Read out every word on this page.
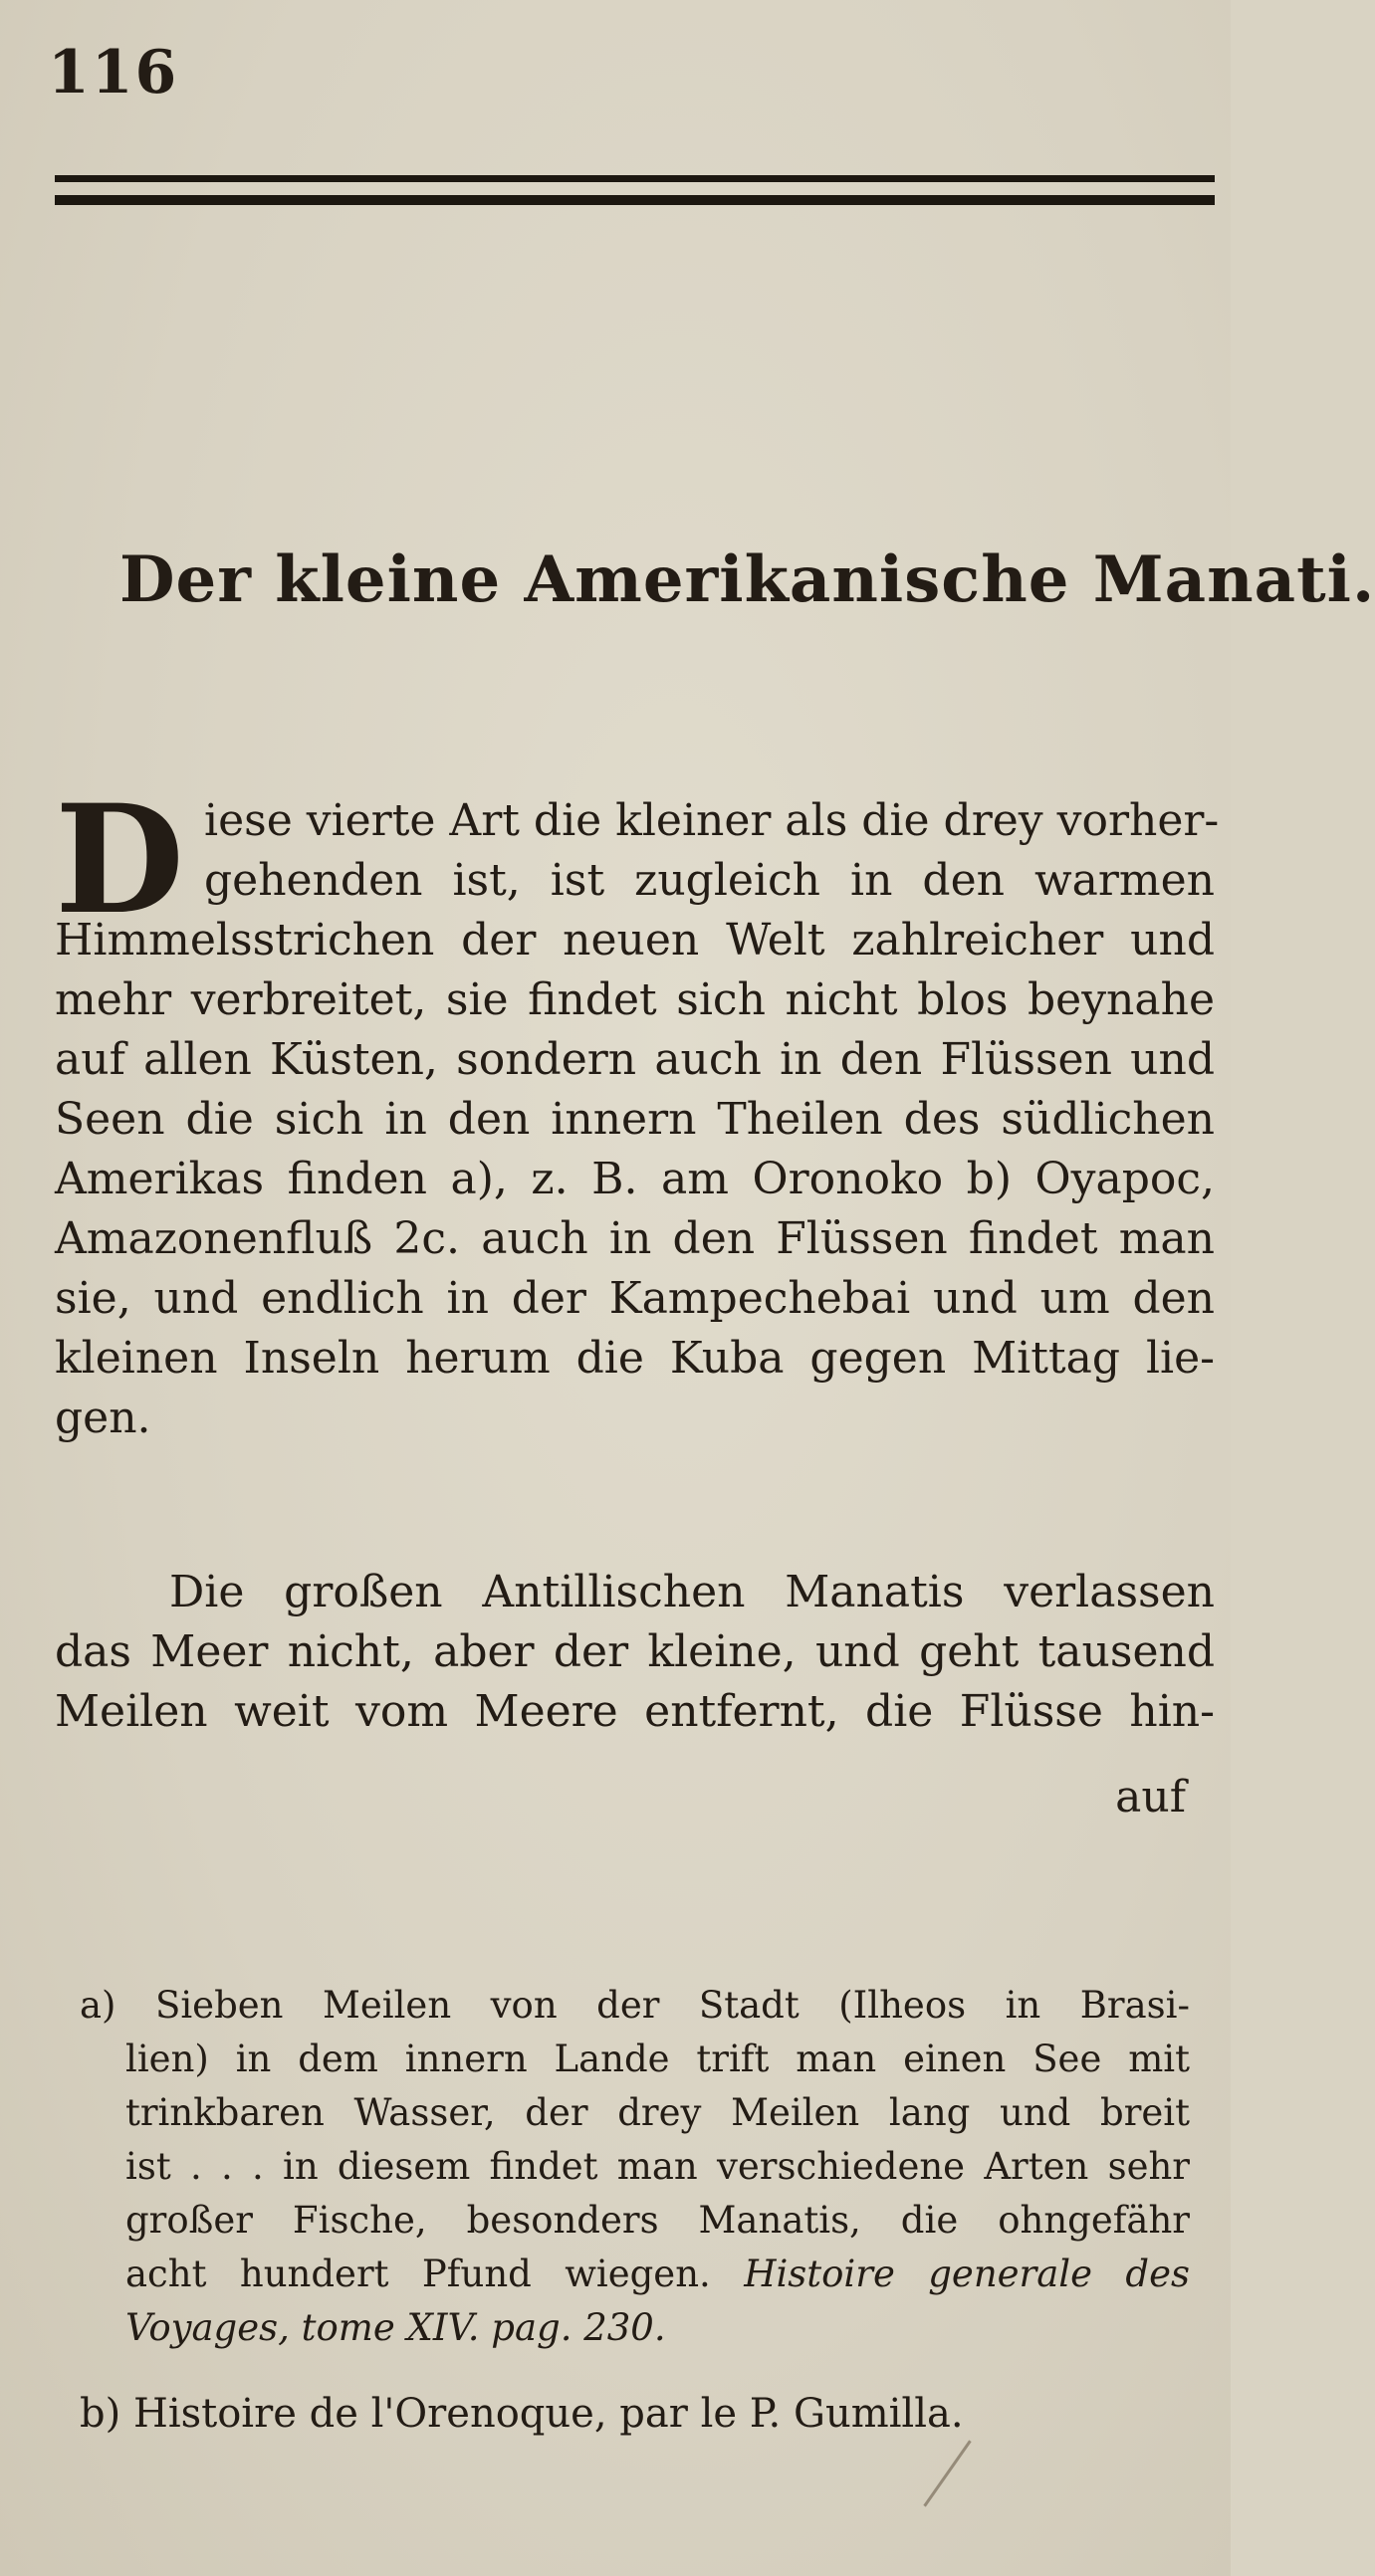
116
Der kleine Amerikanische Manati.
D iese vierte Art die kleiner als die drey vorher-
gehenden ist, ist zugleich in den warmen
Himmelsstrichen der neuen Welt zahlreicher und
mehr verbreitet, sie findet sich nicht blos beynahe
auf allen Küsten, sondern auch in den Flüssen und
Seen die sich in den innern Theilen des südlichen
Amerikas finden a), z. B. am Oronoko b) Oyapoc,
Amazonenfluß 2c. auch in den Flüssen findet man
sie, und endlich in der Kampechebai und um den
kleinen Inseln herum die Kuba gegen Mittag lie-
gen.
Die großen Antillischen Manatis verlassen
das Meer nicht, aber der kleine, und geht tausend
Meilen weit vom Meere entfernt, die Flüsse hin-
auf
a) Sieben Meilen von der Stadt (Ilheos in Brasi-
lien) in dem innern Lande trift man einen See mit
trinkbaren Wasser, der drey Meilen lang und breit
ist . . . in diesem findet man verschiedene Arten sehr
großer Fische, besonders Manatis, die ohngefähr
acht hundert Pfund wiegen. Histoire generale des
Voyages, tome XIV. pag. 230.
b) Histoire de l'Orenoque, par le P. Gumilla.
